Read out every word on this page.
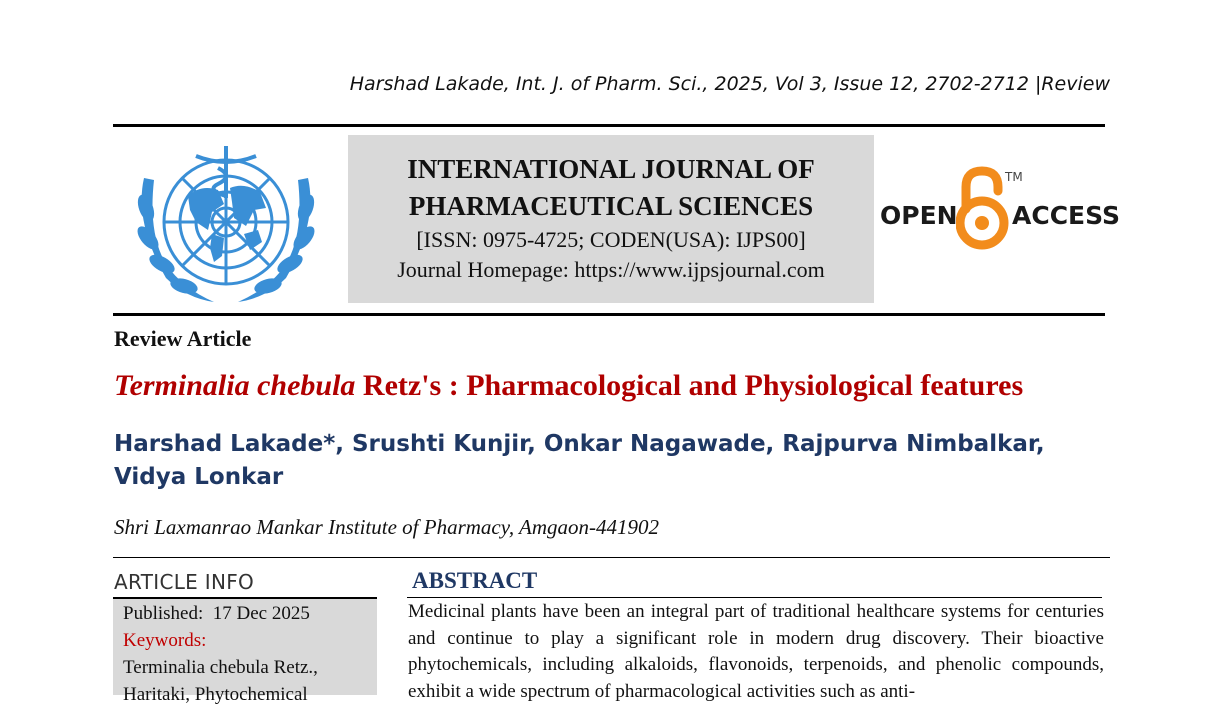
Harshad Lakade, Int. J. of Pharm. Sci., 2025, Vol 3, Issue 12, 2702-2712 |Review
INTERNATIONAL JOURNAL OF
PHARMACEUTICAL SCIENCES
[ISSN: 0975-4725; CODEN(USA): IJPS00]
Journal Homepage: https://www.ijpsjournal.com
OPEN
TM
ACCESS
Review Article
Terminalia chebula Retz's : Pharmacological and Physiological features
Harshad Lakade*, Srushti Kunjir, Onkar Nagawade, Rajpurva Nimbalkar, Vidya Lonkar
Shri Laxmanrao Mankar Institute of Pharmacy, Amgaon-441902
ARTICLE INFO
Published: 17 Dec 2025
Keywords:
Terminalia chebula Retz.,
Haritaki, Phytochemical
ABSTRACT
Medicinal plants have been an integral part of traditional healthcare systems for centuries and continue to play a significant role in modern drug discovery. Their bioactive phytochemicals, including alkaloids, flavonoids, terpenoids, and phenolic compounds, exhibit a wide spectrum of pharmacological activities such as anti-
